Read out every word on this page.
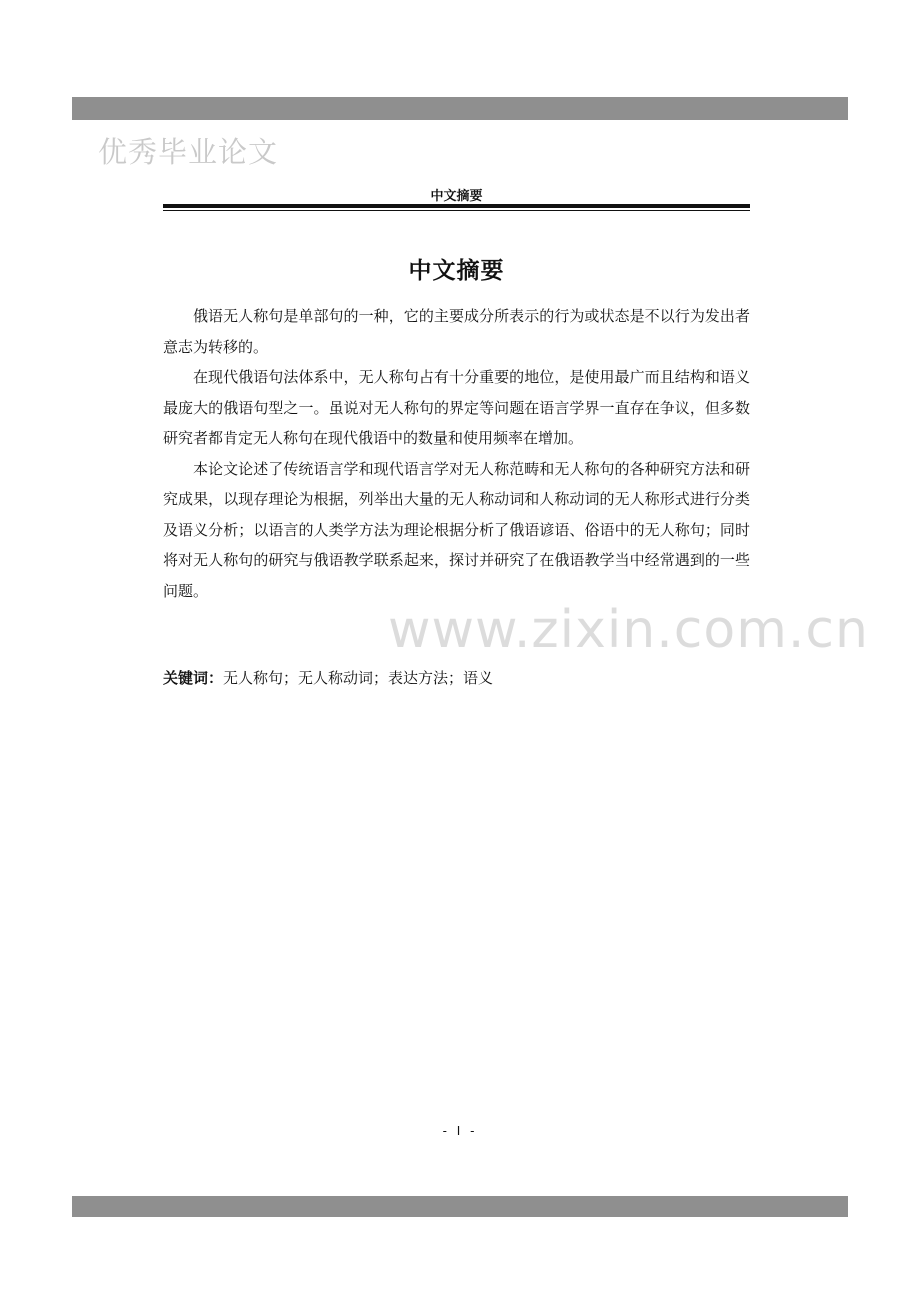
优秀毕业论文
中文摘要
中文摘要

俄语无人称句是单部句的一种，它的主要成分所表示的行为或状态是不以行为发出者意志为转移的。

在现代俄语句法体系中，无人称句占有十分重要的地位，是使用最广而且结构和语义最庞大的俄语句型之一。虽说对无人称句的界定等问题在语言学界一直存在争议，但多数研究者都肯定无人称句在现代俄语中的数量和使用频率在增加。

本论文论述了传统语言学和现代语言学对无人称范畴和无人称句的各种研究方法和研究成果，以现存理论为根据，列举出大量的无人称动词和人称动词的无人称形式进行分类及语义分析；以语言的人类学方法为理论根据分析了俄语谚语、俗语中的无人称句；同时将对无人称句的研究与俄语教学联系起来，探讨并研究了在俄语教学当中经常遇到的一些问题。

www.zixin.com.cn
关键词：无人称句；无人称动词；表达方法；语义
- I -
